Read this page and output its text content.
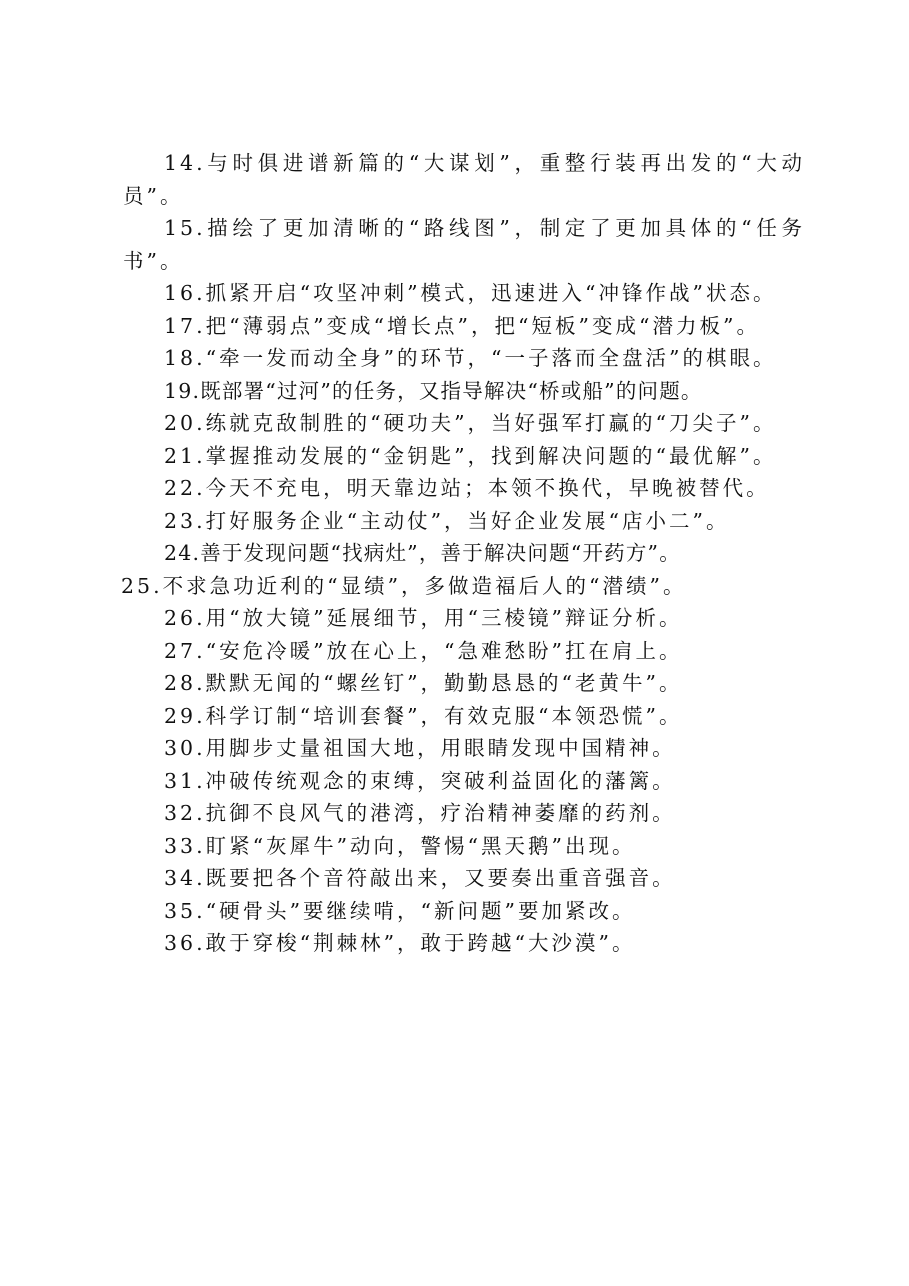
14.与时俱进谱新篇的“大谋划”，重整行装再出发的“大动员”。

15.描绘了更加清晰的“路线图”，制定了更加具体的“任务书”。

16.抓紧开启“攻坚冲刺”模式，迅速进入“冲锋作战”状态。

17.把“薄弱点”变成“增长点”，把“短板”变成“潜力板”。

18.“牵一发而动全身”的环节，“一子落而全盘活”的棋眼。

19.既部署“过河”的任务，又指导解决“桥或船”的问题。

20.练就克敌制胜的“硬功夫”，当好强军打赢的“刀尖子”。

21.掌握推动发展的“金钥匙”，找到解决问题的“最优解”。

22.今天不充电，明天靠边站；本领不换代，早晚被替代。

23.打好服务企业“主动仗”，当好企业发展“店小二”。

24.善于发现问题“找病灶”，善于解决问题“开药方”。

25.不求急功近利的“显绩”，多做造福后人的“潜绩”。

26.用“放大镜”延展细节，用“三棱镜”辩证分析。

27.“安危冷暖”放在心上，“急难愁盼”扛在肩上。

28.默默无闻的“螺丝钉”，勤勤恳恳的“老黄牛”。

29.科学订制“培训套餐”，有效克服“本领恐慌”。

30.用脚步丈量祖国大地，用眼睛发现中国精神。

31.冲破传统观念的束缚，突破利益固化的藩篱。

32.抗御不良风气的港湾，疗治精神萎靡的药剂。

33.盯紧“灰犀牛”动向，警惕“黑天鹅”出现。

34.既要把各个音符敲出来，又要奏出重音强音。

35.“硬骨头”要继续啃，“新问题”要加紧改。

36.敢于穿梭“荆棘林”，敢于跨越“大沙漠”。
